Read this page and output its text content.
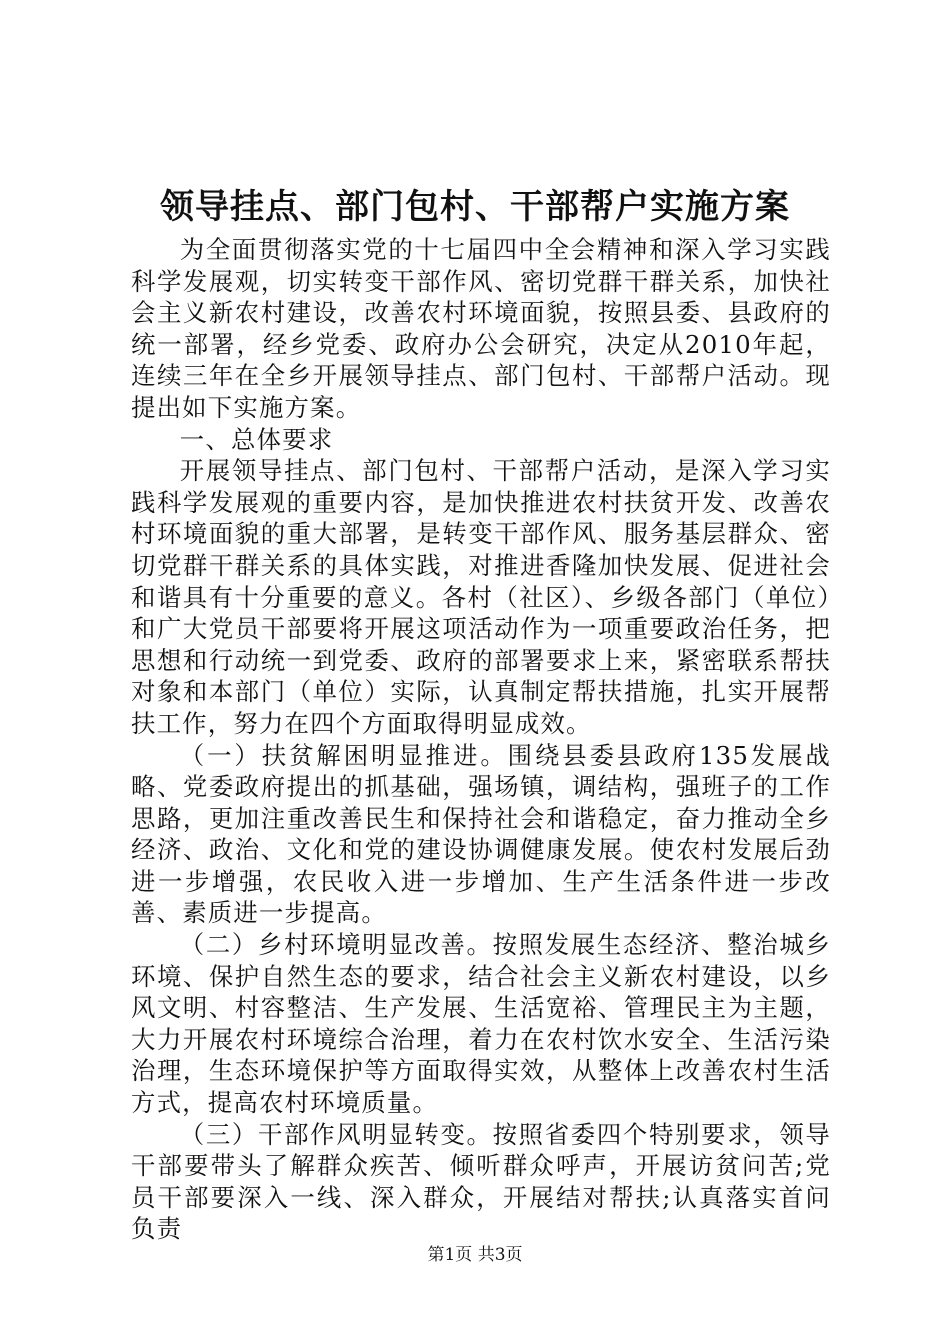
领导挂点、部门包村、干部帮户实施方案

为全面贯彻落实党的十七届四中全会精神和深入学习实践科学发展观，切实转变干部作风、密切党群干群关系，加快社会主义新农村建设，改善农村环境面貌，按照县委、县政府的统一部署，经乡党委、政府办公会研究，决定从2010年起，连续三年在全乡开展领导挂点、部门包村、干部帮户活动。现提出如下实施方案。

一、总体要求

开展领导挂点、部门包村、干部帮户活动，是深入学习实践科学发展观的重要内容，是加快推进农村扶贫开发、改善农村环境面貌的重大部署，是转变干部作风、服务基层群众、密切党群干群关系的具体实践，对推进香隆加快发展、促进社会和谐具有十分重要的意义。各村（社区）、乡级各部门（单位）和广大党员干部要将开展这项活动作为一项重要政治任务，把思想和行动统一到党委、政府的部署要求上来，紧密联系帮扶对象和本部门（单位）实际，认真制定帮扶措施，扎实开展帮扶工作，努力在四个方面取得明显成效。

（一）扶贫解困明显推进。围绕县委县政府135发展战略、党委政府提出的抓基础，强场镇，调结构，强班子的工作思路，更加注重改善民生和保持社会和谐稳定，奋力推动全乡经济、政治、文化和党的建设协调健康发展。使农村发展后劲进一步增强，农民收入进一步增加、生产生活条件进一步改善、素质进一步提高。

（二）乡村环境明显改善。按照发展生态经济、整治城乡环境、保护自然生态的要求，结合社会主义新农村建设，以乡风文明、村容整洁、生产发展、生活宽裕、管理民主为主题，大力开展农村环境综合治理，着力在农村饮水安全、生活污染治理，生态环境保护等方面取得实效，从整体上改善农村生活方式，提高农村环境质量。

（三）干部作风明显转变。按照省委四个特别要求，领导干部要带头了解群众疾苦、倾听群众呼声，开展访贫问苦;党员干部要深入一线、深入群众，开展结对帮扶;认真落实首问负责

第1页 共3页
